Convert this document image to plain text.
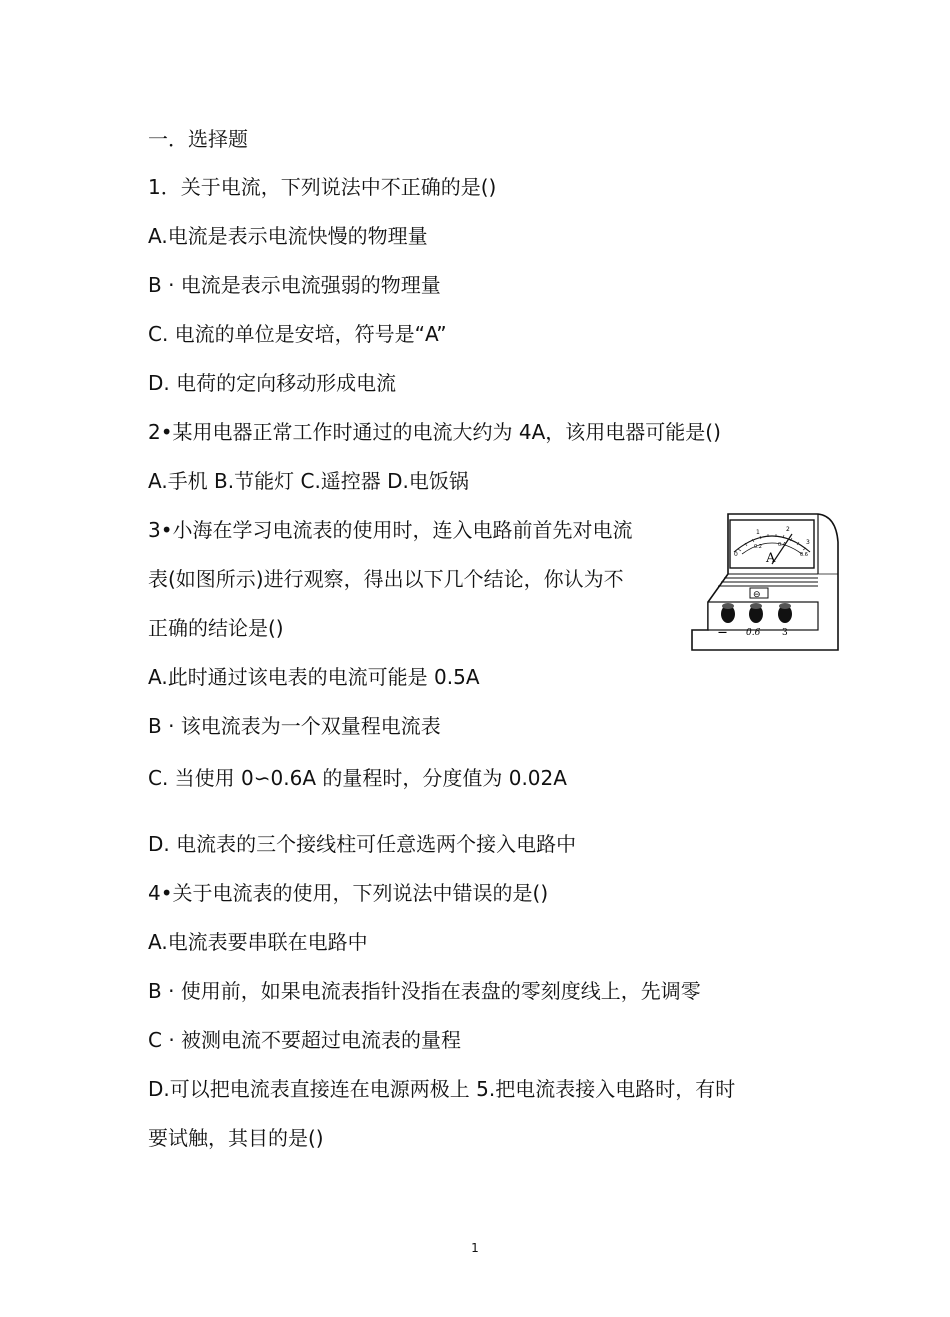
一．选择题
1．关于电流，下列说法中不正确的是()
A.电流是表示电流快慢的物理量
B · 电流是表示电流强弱的物理量
C. 电流的单位是安培，符号是“A”
D. 电荷的定向移动形成电流
2•某用电器正常工作时通过的电流大约为 4A，该用电器可能是()
A.手机 B.节能灯 C.遥控器 D.电饭锅
3•小海在学习电流表的使用时，连入电路前首先对电流
表(如图所示)进行观察，得出以下几个结论，你认为不
正确的结论是()
0
1	2
3
0.2	0.4
0.6
A
⊖
— 0.6 3
A.此时通过该电表的电流可能是 0.5A
B · 该电流表为一个双量程电流表
C. 当使用 0∽0.6A 的量程时，分度值为 0.02A
D. 电流表的三个接线柱可任意选两个接入电路中
4•关于电流表的使用，下列说法中错误的是()
A.电流表要串联在电路中
B · 使用前，如果电流表指针没指在表盘的零刻度线上，先调零
C · 被测电流不要超过电流表的量程
D.可以把电流表直接连在电源两极上 5.把电流表接入电路时，有时
要试触，其目的是()
1
